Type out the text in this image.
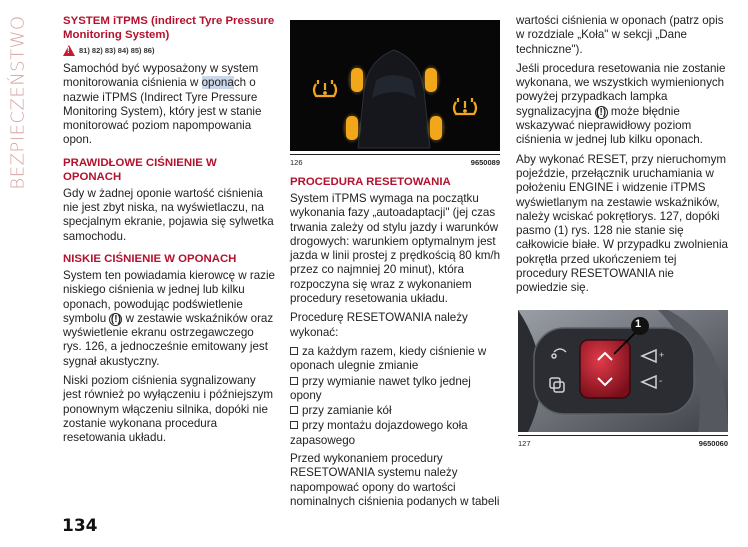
BEZPIECZEŃSTWO	SYSTEM iTPMS (indirect Tyre Pressure Monitoring System)
!
81) 82) 83) 84) 85) 86)

Samochód być wyposażony w system monitorowania ciśnienia w oponach o nazwie iTPMS (Indirect Tyre Pressure Monitoring System), który jest w stanie monitorować poziom napompowania opon.

PRAWIDŁOWE CIŚNIENIE W OPONACH

Gdy w żadnej oponie wartość ciśnienia nie jest zbyt niska, na wyświetlaczu, na specjalnym ekranie, pojawia się sylwetka samochodu.

NISKIE CIŚNIENIE W OPONACH

System ten powiadamia kierowcę w razie niskiego ciśnienia w jednej lub kilku oponach, powodując podświetlenie symbolu (!) w zestawie wskaźników oraz wyświetlenie ekranu ostrzegawczego rys. 126, a jednocześnie emitowany jest sygnał akustyczny.

Niski poziom ciśnienia sygnalizowany jest również po wyłączeniu i późniejszym ponownym włączeniu silnika, dopóki nie zostanie wykonana procedura resetowania układu.

126	9650089
PROCEDURA RESETOWANIA

System iTPMS wymaga na początku wykonania fazy „autoadaptacji" (jej czas trwania zależy od stylu jazdy i warunków drogowych: warunkiem optymalnym jest jazda w linii prostej z prędkością 80 km/h przez co najmniej 20 minut), która rozpoczyna się wraz z wykonaniem procedury resetowania układu.

Procedurę RESETOWANIA należy wykonać:

za każdym razem, kiedy ciśnienie w oponach ulegnie zmianie
przy wymianie nawet tylko jednej opony
przy zamianie kół
przy montażu dojazdowego koła zapasowego

Przed wykonaniem procedury RESETOWANIA systemu należy napompować opony do wartości nominalnych ciśnienia podanych w tabeli

wartości ciśnienia w oponach (patrz opis w rozdziale „Koła" w sekcji „Dane techniczne").

Jeśli procedura resetowania nie zostanie wykonana, we wszystkich wymienionych powyżej przypadkach lampka sygnalizacyjna (!) może błędnie wskazywać nieprawidłowy poziom ciśnienia w jednej lub kilku oponach.

Aby wykonać RESET, przy nieruchomym pojeździe, przełącznik uruchamiania w położeniu ENGINE i widzenie iTPMS wyświetlanym na zestawie wskaźników, należy wciskać pokrętłorys. 127, dopóki pasmo (1) rys. 128 nie stanie się całkowicie białe. W przypadku zwolnienia pokrętła przed ukończeniem tej procedury RESETOWANIA nie powiedzie się.

+
-
1
127	9650060
134
